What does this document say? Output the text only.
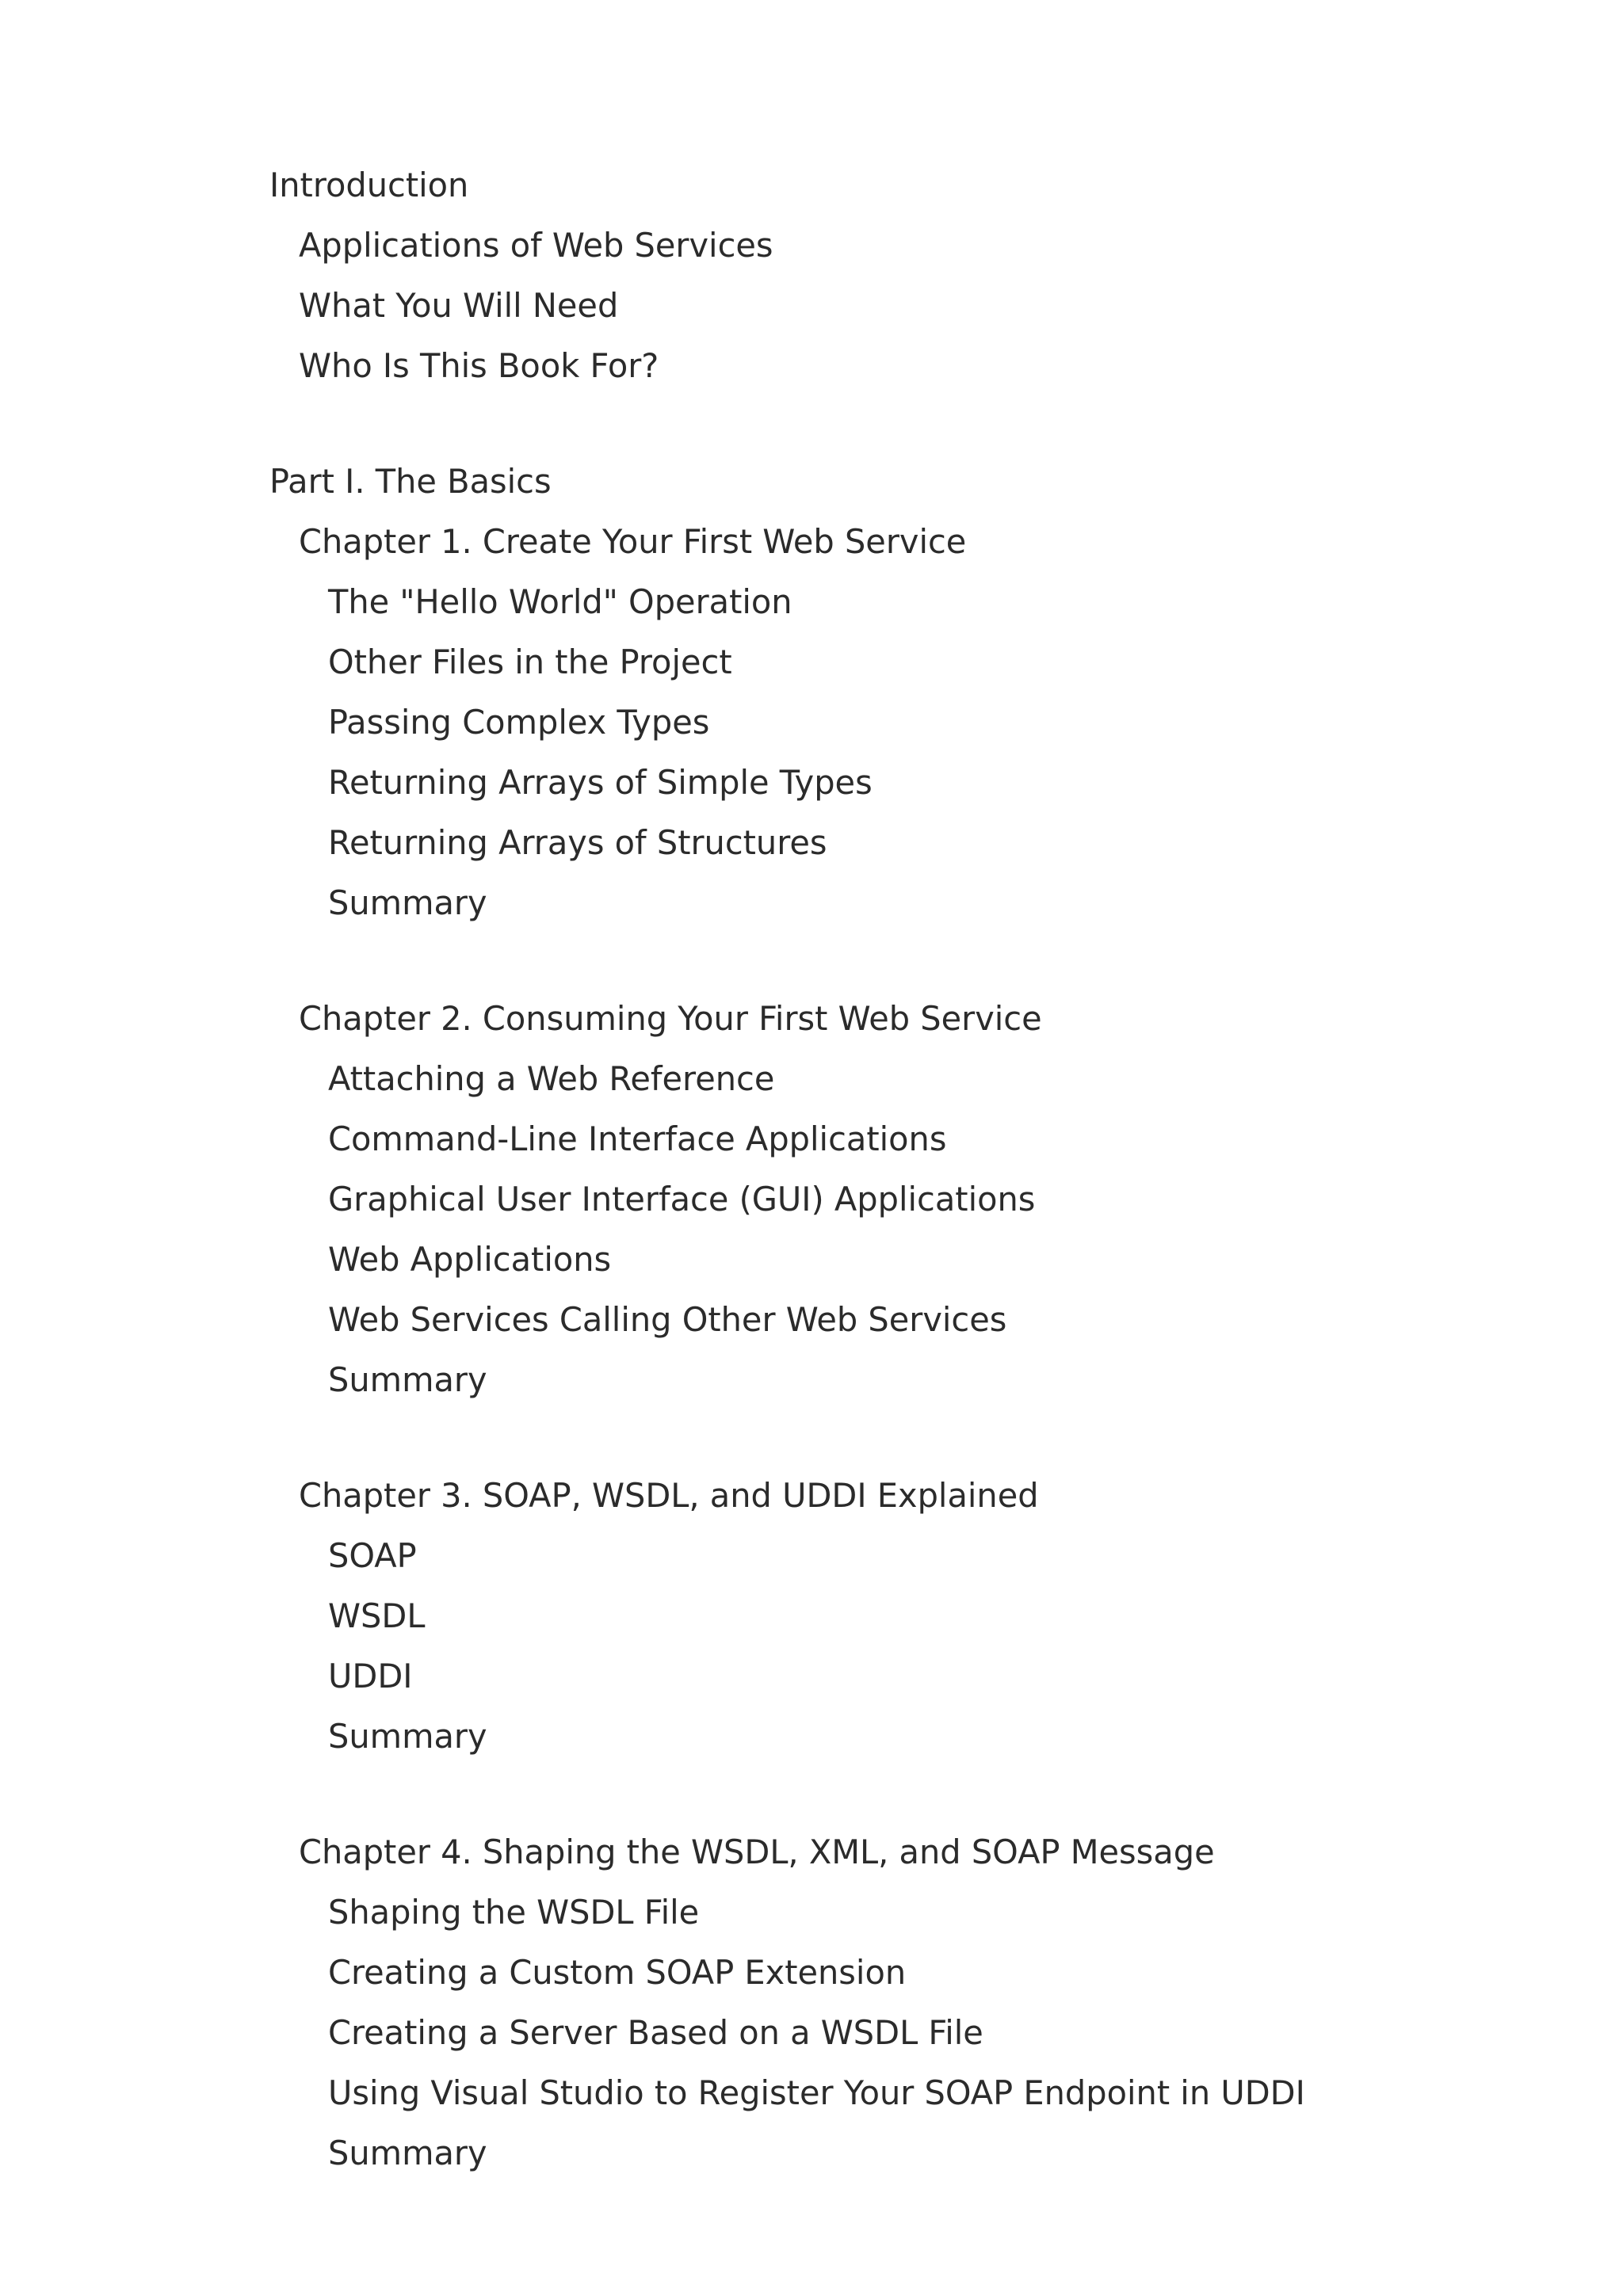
Introduction
Applications of Web Services
What You Will Need
Who Is This Book For?
Part I. The Basics
Chapter 1. Create Your First Web Service
The "Hello World" Operation
Other Files in the Project
Passing Complex Types
Returning Arrays of Simple Types
Returning Arrays of Structures
Summary
Chapter 2. Consuming Your First Web Service
Attaching a Web Reference
Command-Line Interface Applications
Graphical User Interface (GUI) Applications
Web Applications
Web Services Calling Other Web Services
Summary
Chapter 3. SOAP, WSDL, and UDDI Explained
SOAP
WSDL
UDDI
Summary
Chapter 4. Shaping the WSDL, XML, and SOAP Message
Shaping the WSDL File
Creating a Custom SOAP Extension
Creating a Server Based on a WSDL File
Using Visual Studio to Register Your SOAP Endpoint in UDDI
Summary
